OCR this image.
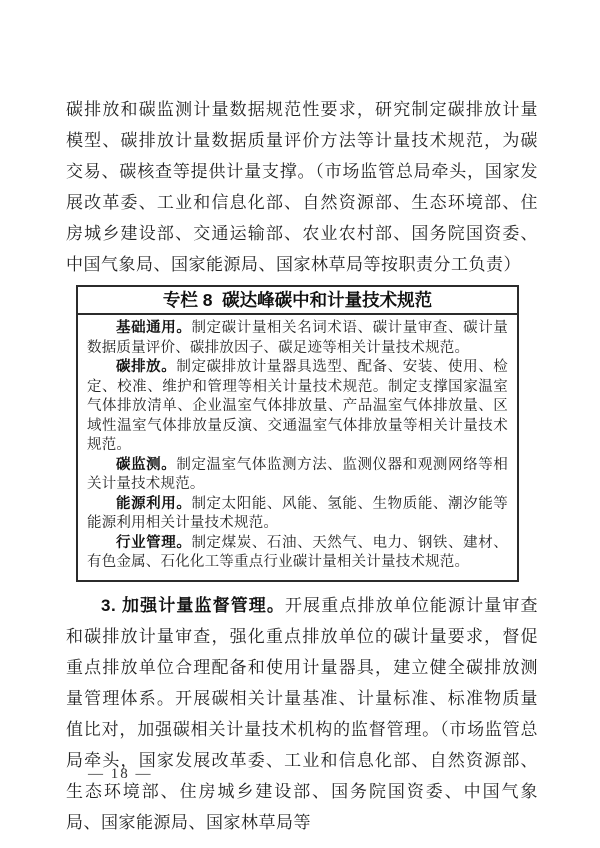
碳排放和碳监测计量数据规范性要求，研究制定碳排放计量模型、碳排放计量数据质量评价方法等计量技术规范，为碳交易、碳核查等提供计量支撑。（市场监管总局牵头，国家发展改革委、工业和信息化部、自然资源部、生态环境部、住房城乡建设部、交通运输部、农业农村部、国务院国资委、中国气象局、国家能源局、国家林草局等按职责分工负责）
专栏 8  碳达峰碳中和计量技术规范
基础通用。制定碳计量相关名词术语、碳计量审查、碳计量数据质量评价、碳排放因子、碳足迹等相关计量技术规范。
碳排放。制定碳排放计量器具选型、配备、安装、使用、检定、校准、维护和管理等相关计量技术规范。制定支撑国家温室气体排放清单、企业温室气体排放量、产品温室气体排放量、区域性温室气体排放量反演、交通温室气体排放量等相关计量技术规范。
碳监测。制定温室气体监测方法、监测仪器和观测网络等相关计量技术规范。
能源利用。制定太阳能、风能、氢能、生物质能、潮汐能等能源利用相关计量技术规范。
行业管理。制定煤炭、石油、天然气、电力、钢铁、建材、有色金属、石化化工等重点行业碳计量相关计量技术规范。
3. 加强计量监督管理。开展重点排放单位能源计量审查和碳排放计量审查，强化重点排放单位的碳计量要求，督促重点排放单位合理配备和使用计量器具，建立健全碳排放测量管理体系。开展碳相关计量基准、计量标准、标准物质量值比对，加强碳相关计量技术机构的监督管理。（市场监管总局牵头，国家发展改革委、工业和信息化部、自然资源部、生态环境部、住房城乡建设部、国务院国资委、中国气象局、国家能源局、国家林草局等
— 18 —
